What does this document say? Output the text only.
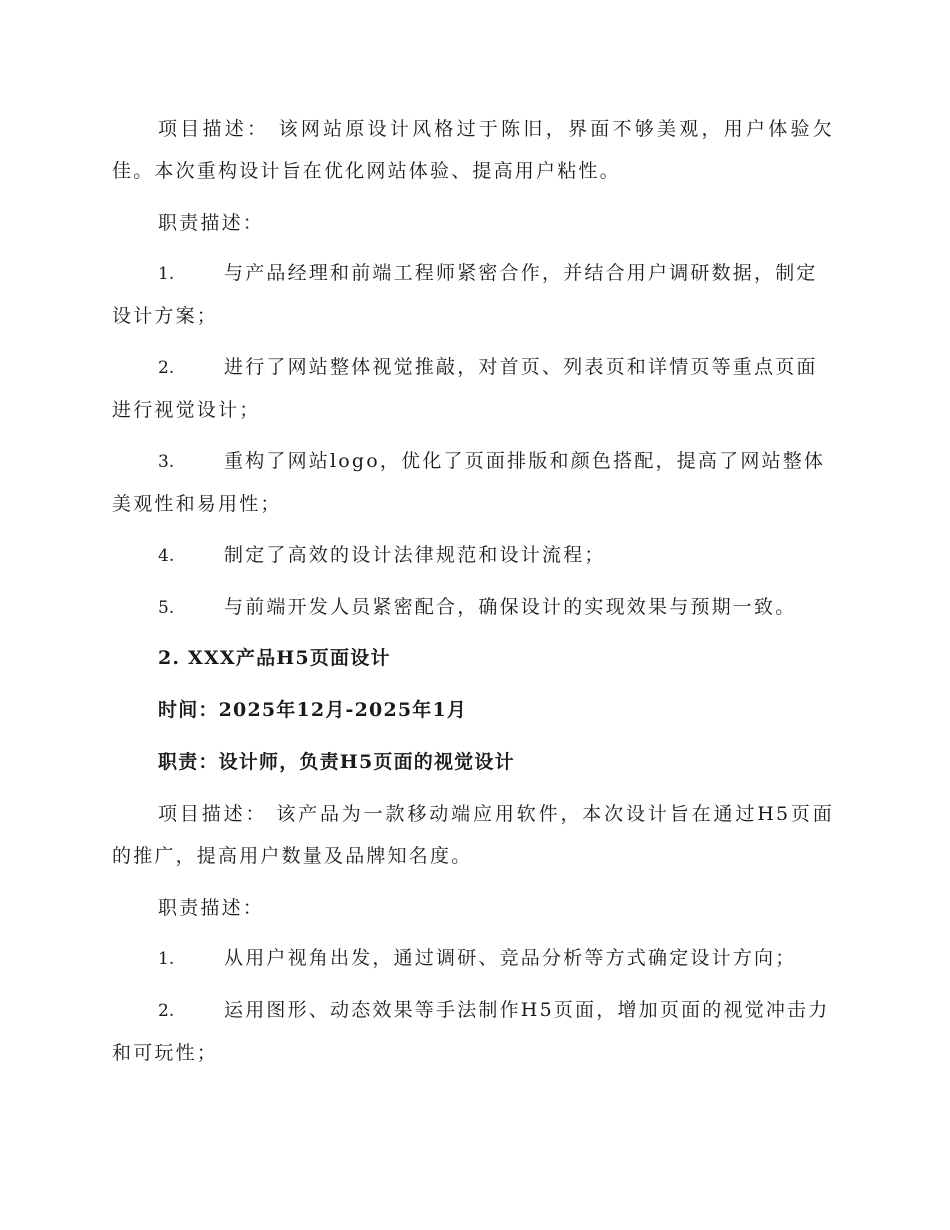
项目描述： 该网站原设计风格过于陈旧，界面不够美观，用户体验欠佳。本次重构设计旨在优化网站体验、提高用户粘性。

职责描述：

1.	与产品经理和前端工程师紧密合作，并结合用户调研数据，制定设计方案；

2.	进行了网站整体视觉推敲，对首页、列表页和详情页等重点页面进行视觉设计；

3.	重构了网站logo，优化了页面排版和颜色搭配，提高了网站整体美观性和易用性；

4.	制定了高效的设计法律规范和设计流程；

5.	与前端开发人员紧密配合，确保设计的实现效果与预期一致。

2. XXX产品H5页面设计

时间：2025年12月-2025年1月

职责：设计师，负责H5页面的视觉设计

项目描述： 该产品为一款移动端应用软件，本次设计旨在通过H5页面的推广，提高用户数量及品牌知名度。

职责描述：

1.	从用户视角出发，通过调研、竞品分析等方式确定设计方向；

2.	运用图形、动态效果等手法制作H5页面，增加页面的视觉冲击力和可玩性；
